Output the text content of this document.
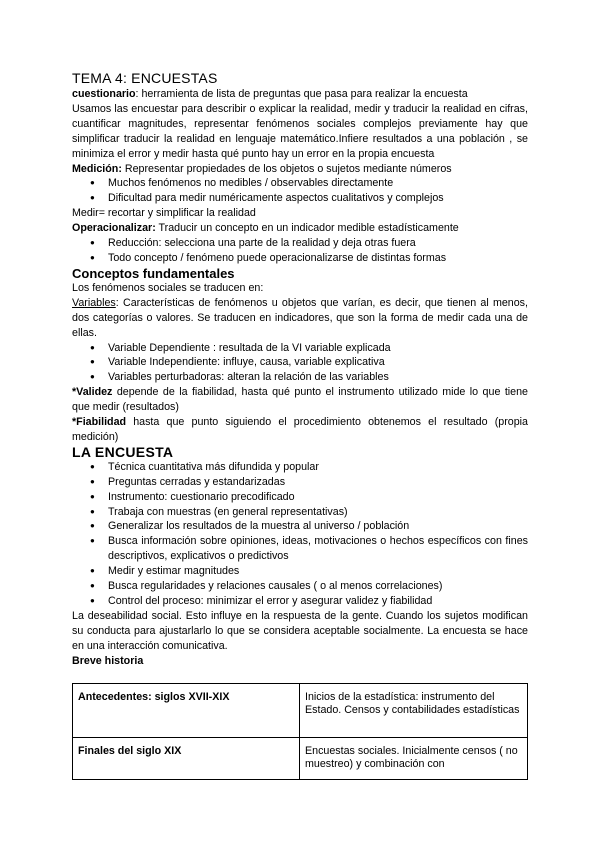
TEMA 4: ENCUESTAS

cuestionario: herramienta de lista de preguntas que pasa para realizar la encuesta

Usamos las encuestar para describir o explicar la realidad, medir y traducir la realidad en cifras, cuantificar magnitudes, representar fenómenos sociales complejos previamente hay que simplificar traducir la realidad en lenguaje matemático.Infiere resultados a una población , se minimiza el error y medir hasta qué punto hay un error en la propia encuesta

Medición: Representar propiedades de los objetos o sujetos mediante números

● Muchos fenómenos no medibles / observables directamente
● Dificultad para medir numéricamente aspectos cualitativos y complejos

Medir= recortar y simplificar la realidad

Operacionalizar: Traducir un concepto en un indicador medible estadísticamente

● Reducción: selecciona una parte de la realidad y deja otras fuera
● Todo concepto / fenómeno puede operacionalizarse de distintas formas
Conceptos fundamentales

Los fenómenos sociales se traducen en:

Variables: Características de fenómenos u objetos que varían, es decir, que tienen al menos, dos categorías o valores. Se traducen en indicadores, que son la forma de medir cada una de ellas.

● Variable Dependiente : resultada de la VI variable explicada
● Variable Independiente: influye, causa, variable explicativa
● Variables perturbadoras: alteran la relación de las variables

*Validez depende de la fiabilidad, hasta qué punto el instrumento utilizado mide lo que tiene que medir (resultados)

*Fiabilidad hasta que punto siguiendo el procedimiento obtenemos el resultado (propia medición)

LA ENCUESTA
● Técnica cuantitativa más difundida y popular
● Preguntas cerradas y estandarizadas
● Instrumento: cuestionario precodificado
● Trabaja con muestras (en general representativas)
● Generalizar los resultados de la muestra al universo / población
● Busca información sobre opiniones, ideas, motivaciones o hechos específicos con fines descriptivos, explicativos o predictivos
● Medir y estimar magnitudes
● Busca regularidades y relaciones causales ( o al menos correlaciones)
● Control del proceso: minimizar el error y asegurar validez y fiabilidad

La deseabilidad social. Esto influye en la respuesta de la gente. Cuando los sujetos modifican su conducta para ajustarlarlo lo que se considera aceptable socialmente. La encuesta se hace en una interacción comunicativa.

Breve historia

Antecedentes: siglos XVII-XIX	Inicios de la estadística: instrumento del Estado. Censos y contabilidades estadísticas
Finales del siglo XIX	Encuestas sociales. Inicialmente censos ( no muestreo) y combinación con
